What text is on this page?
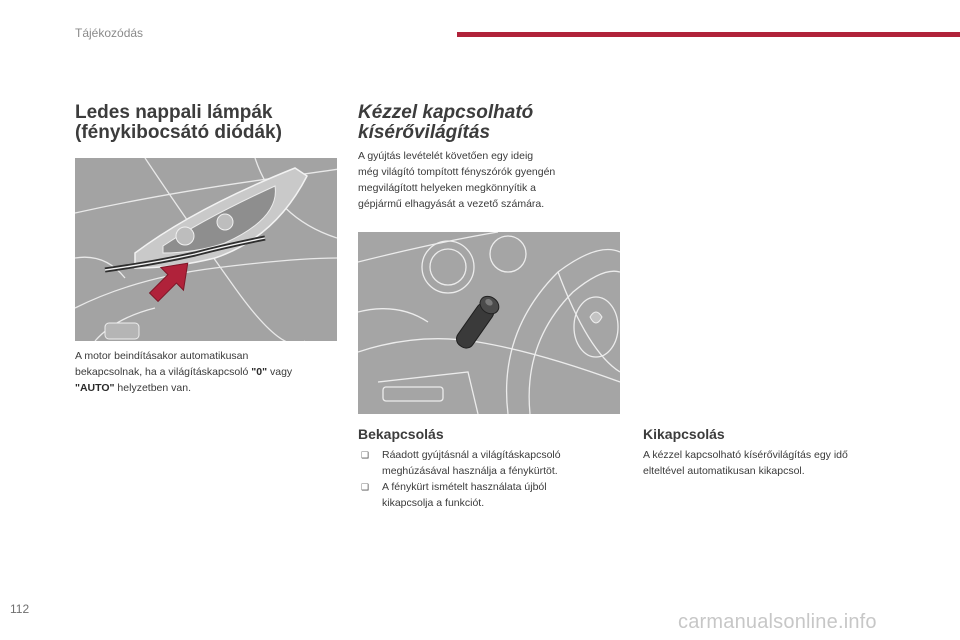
Tájékozódás
Ledes nappali lámpák
(fénykibocsátó diódák)
A motor beindításakor automatikusan
bekapcsolnak, ha a világításkapcsoló "0" vagy
"AUTO" helyzetben van.
Kézzel kapcsolható
kísérővilágítás
A gyújtás levételét követően egy ideig
még világító tompított fényszórók gyengén
megvilágított helyeken megkönnyítik a
gépjármű elhagyását a vezető számára.
Bekapcsolás
❑ Ráadott gyújtásnál a világításkapcsoló
meghúzásával használja a fénykürtöt.
❑ A fénykürt ismételt használata újból
kikapcsolja a funkciót.
Kikapcsolás
A kézzel kapcsolható kísérővilágítás egy idő
elteltével automatikusan kikapcsol.
112
carmanualsonline.info
